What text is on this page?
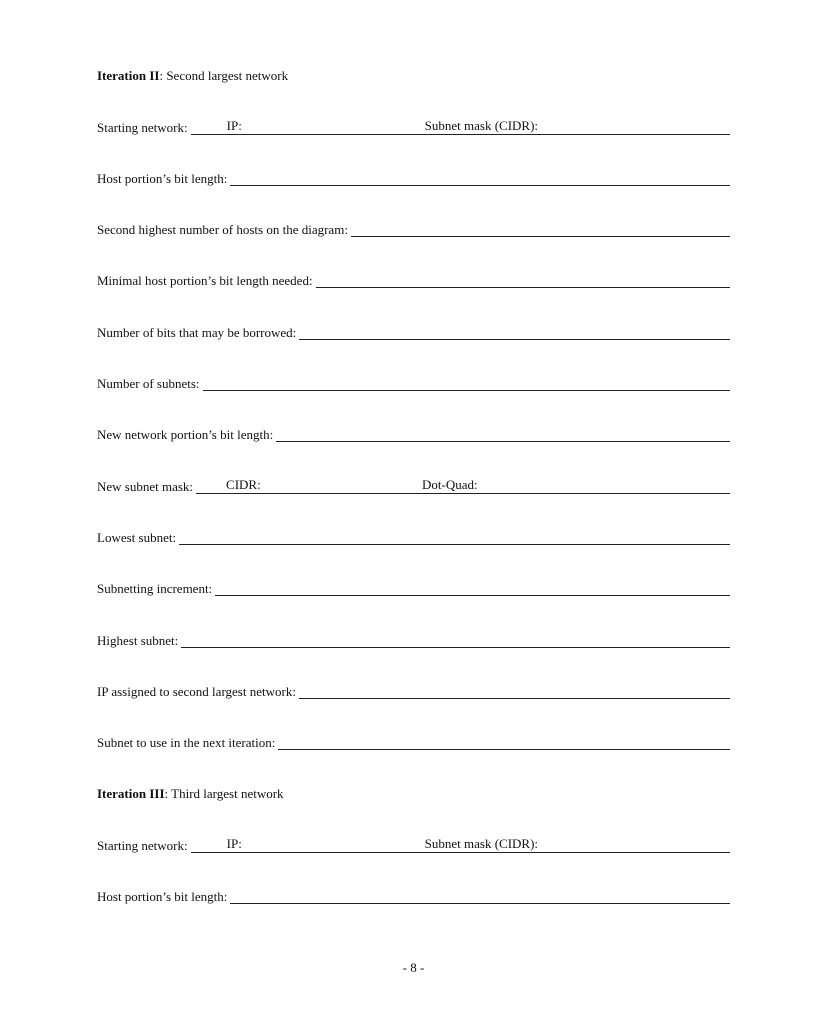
Iteration II: Second largest network
Starting network:	IP:	Subnet mask (CIDR):
Host portion’s bit length:
Second highest number of hosts on the diagram:
Minimal host portion’s bit length needed:
Number of bits that may be borrowed:
Number of subnets:
New network portion’s bit length:
New subnet mask:	CIDR:	Dot-Quad:
Lowest subnet:
Subnetting increment:
Highest subnet:
IP assigned to second largest network:
Subnet to use in the next iteration:
Iteration III: Third largest network
Starting network:	IP:	Subnet mask (CIDR):
Host portion’s bit length:
- 8 -
